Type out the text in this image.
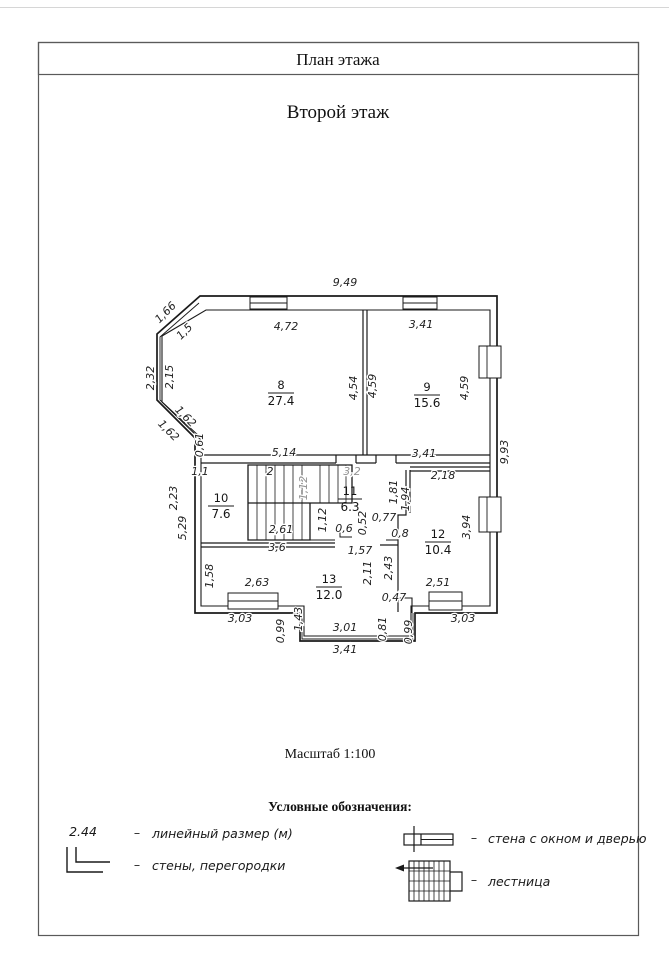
План этажа
Второй этаж
9,49
4,72	3,41
1,66
1,5
2,32 2,15
1,62
1,62
0,61
4,54 4,59	4,59
9,93
5,14	3,41
1,1	2
1,12
3,2	2,18
1,81 1,94
2,23
5,29	2,61 1,12 0,6 0,52 0,77
0,8	3,94
3,6	1,57
1,58	2,11 2,43
2,63	2,51
0,47
3,03
0,99 1,43	3,01 0,81 0,99
3,03
3,41
8
27.4
9
15.6
10
7.6
11
6.3
12
10.4
13
12.0
Масштаб 1:100
Условные обозначения:
2.44	– линейный размер (м)
– стены, перегородки
– стена с окном и дверью
– лестница
